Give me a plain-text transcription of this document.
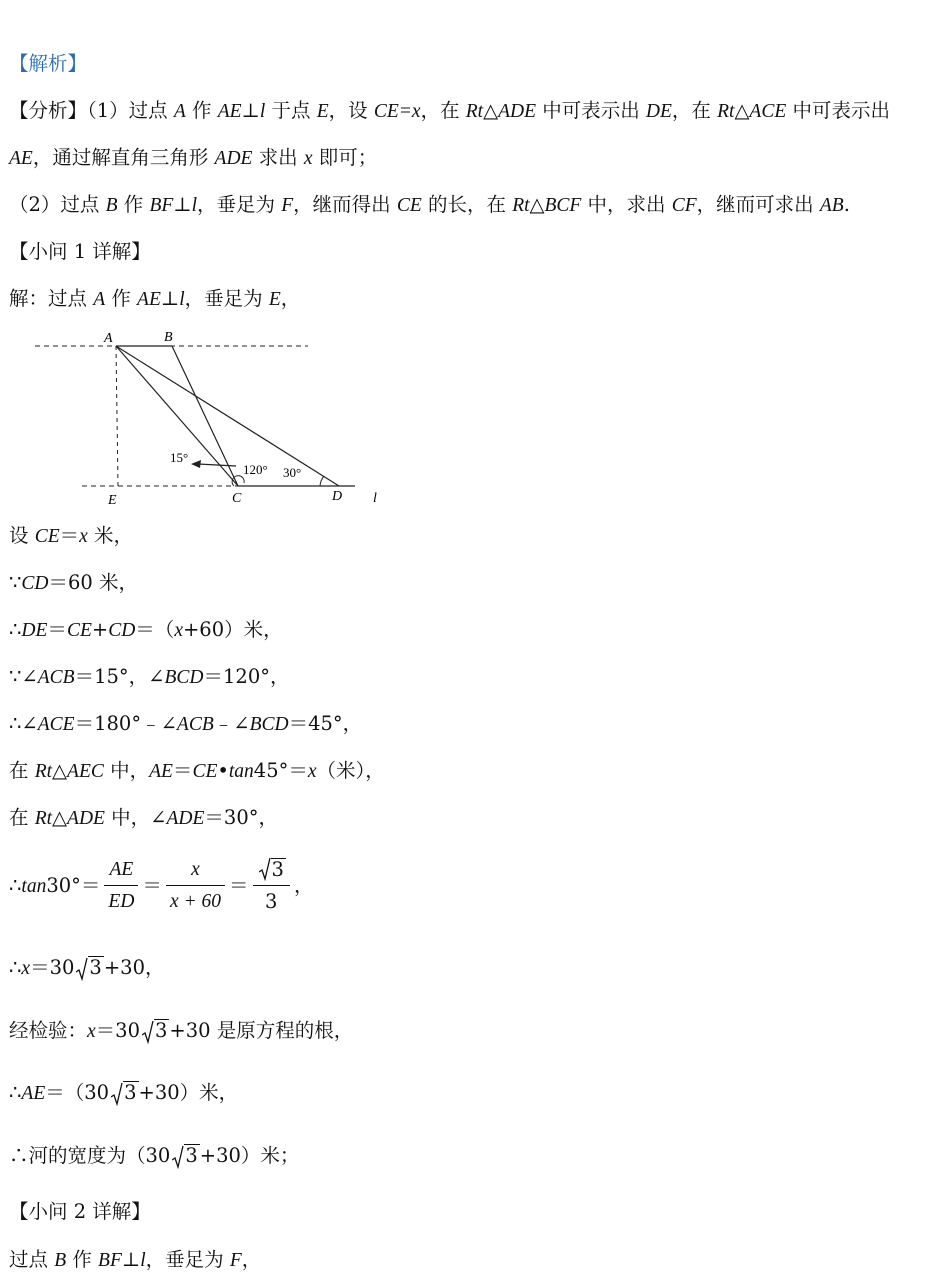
【解析】
【分析】（1）过点 A 作 AE⊥l 于点 E，设 CE=x，在 Rt△ADE 中可表示出 DE，在 Rt△ACE 中可表示出
AE，通过解直角三角形 ADE 求出 x 即可；
（2）过点 B 作 BF⊥l，垂足为 F，继而得出 CE 的长，在 Rt△BCF 中，求出 CF，继而可求出 AB.
【小问 1 详解】
解：过点 A 作 AE⊥l，垂足为 E，
A	B
E	C	D l
15°
120° 30°
设 CE＝x 米，
∵CD＝60 米，
∴DE＝CE+CD＝（x+60）米，
∵∠ACB＝15°，∠BCD＝120°，
∴∠ACE＝180°﹣∠ACB﹣∠BCD＝45°，
在 Rt△AEC 中，AE＝CE•tan45°＝x（米），
在 Rt△ADE 中，∠ADE＝30°，
∴tan30°＝ $\frac{AE}{ED} = \frac{x}{x + 60} = \frac{3}{3}$ ，
∴x＝30 3 +30，
经检验：x＝30 3 +30 是原方程的根，
∴AE＝（30 3 +30）米，
∴河的宽度为（30 3 +30）米；
【小问 2 详解】
过点 B 作 BF⊥l，垂足为 F，
